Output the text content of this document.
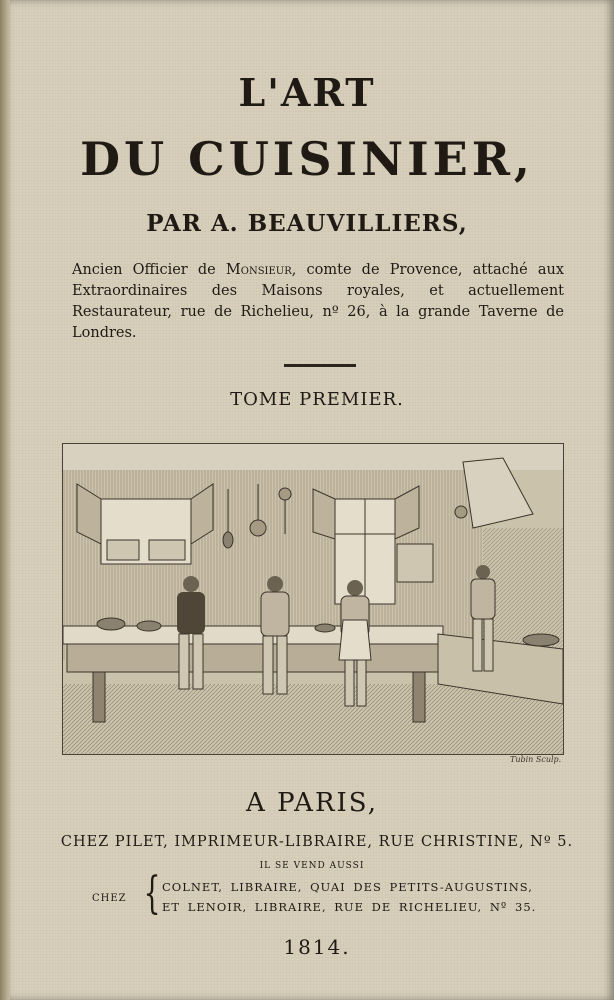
L'ART
DU CUISINIER,
PAR A. BEAUVILLIERS,
Ancien Officier de Monsieur, comte de Provence, attaché aux Extraordinaires des Maisons royales, et actuellement Restaurateur, rue de Richelieu, nº 26, à la grande Taverne de Londres.
TOME PREMIER.
Tubin Sculp.
A PARIS,
CHEZ PILET, IMPRIMEUR-LIBRAIRE, RUE CHRISTINE, Nº 5.
IL SE VEND AUSSI
CHEZ { COLNET, LIBRAIRE, QUAI DES PETITS-AUGUSTINS,
ET LENOIR, LIBRAIRE, RUE DE RICHELIEU, Nº 35.
1814.
